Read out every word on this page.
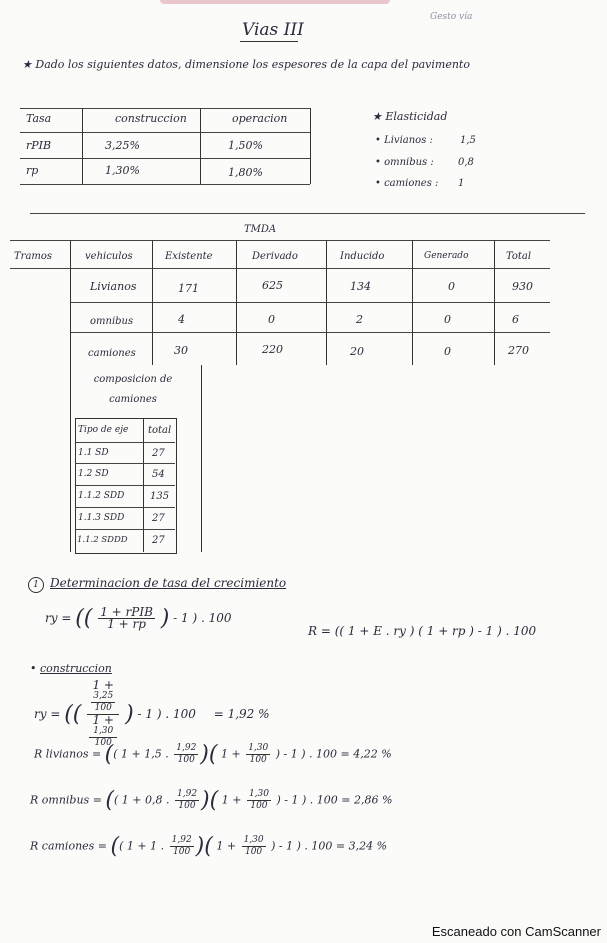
Vias III
Gesto vía
★ Dado los siguientes datos, dimensione los espesores de la capa del pavimento
Tasa	construccion	operacion
rPIB	3,25%	1,50%
rp	1,30%	1,80%
★ Elasticidad
• Livianos :	1,5
• omnibus : 0,8
• camiones : 1
TMDA
Tramos	vehiculos	Existente	Derivado	Inducido	Generado	Total
Livianos	171	625	134	0	930
omnibus	4	0	2	0	6
camiones	30	220	20	0	270
composicion de camiones
Tipo de eje total
1.1 SD	27
1.2 SD	54
1.1.2 SDD	135
1.1.3 SDD	27
1.1.2 SDDD 27
1 Determinacion de tasa del crecimiento
ry = (( $\frac{\text{1 + rPIB}}{1 + rp}$ ) - 1 ) . 100
R = (( 1 + E . ry ) ( 1 + rp ) - 1 ) . 100
• construccion
ry = (( 1 +
3,25
100
1 +
1,30
100 ) - 1 ) . 100 = 1,92 %
R livianos = (( 1 + 1,5 . $\frac{1,92}{100}$ )( $1 + \frac{1,30}{100}$ ) - 1 ) . 100 = 4,22 %
R omnibus = (( 1 + 0,8 . $\frac{1,92}{100}$ )( $1 + \frac{1,30}{100}$ ) - 1 ) . 100 = 2,86 %
R camiones = (( 1 + 1 . $\frac{1,92}{100}$ )( $1 + \frac{1,30}{100}$ ) - 1 ) . 100 = 3,24 %
Escaneado con CamScanner
